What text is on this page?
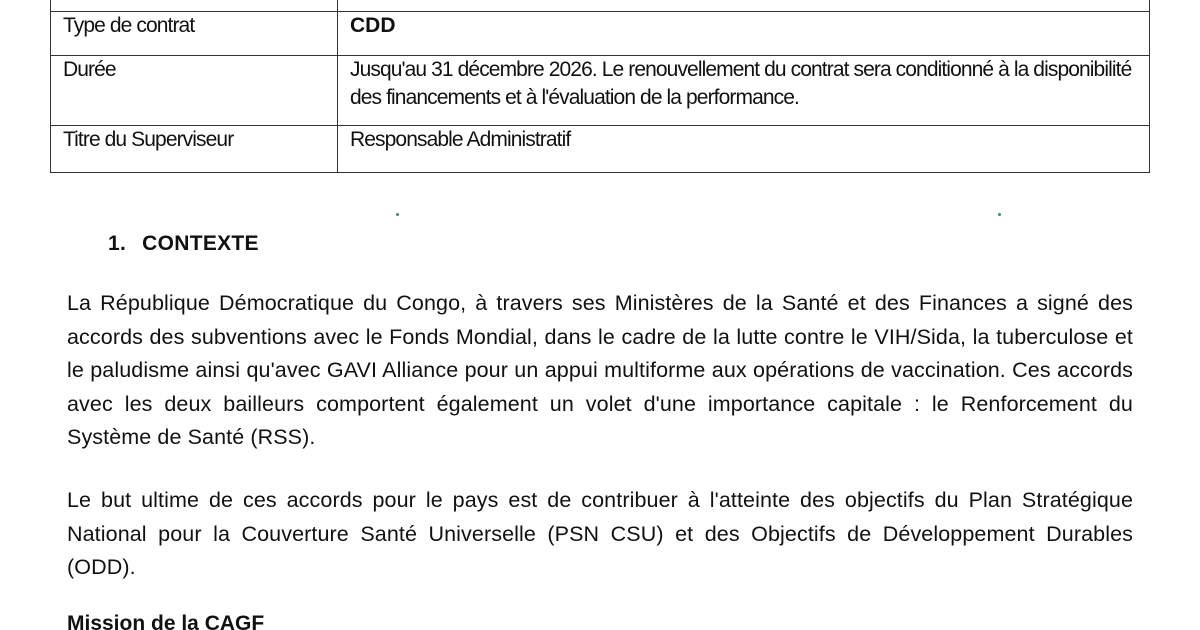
Type de contrat	CDD
Durée	Jusqu'au 31 décembre 2026. Le renouvellement du contrat sera conditionné à la disponibilité des financements et à l'évaluation de la performance.
Titre du Superviseur	Responsable Administratif
1. CONTEXTE
La République Démocratique du Congo, à travers ses Ministères de la Santé et des Finances a signé des accords des subventions avec le Fonds Mondial, dans le cadre de la lutte contre le VIH/Sida, la tuberculose et le paludisme ainsi qu'avec GAVI Alliance pour un appui multiforme aux opérations de vaccination. Ces accords avec les deux bailleurs comportent également un volet d'une importance capitale : le Renforcement du Système de Santé (RSS).
Le but ultime de ces accords pour le pays est de contribuer à l'atteinte des objectifs du Plan Stratégique National pour la Couverture Santé Universelle (PSN CSU) et des Objectifs de Développement Durables (ODD).
Mission de la CAGF
